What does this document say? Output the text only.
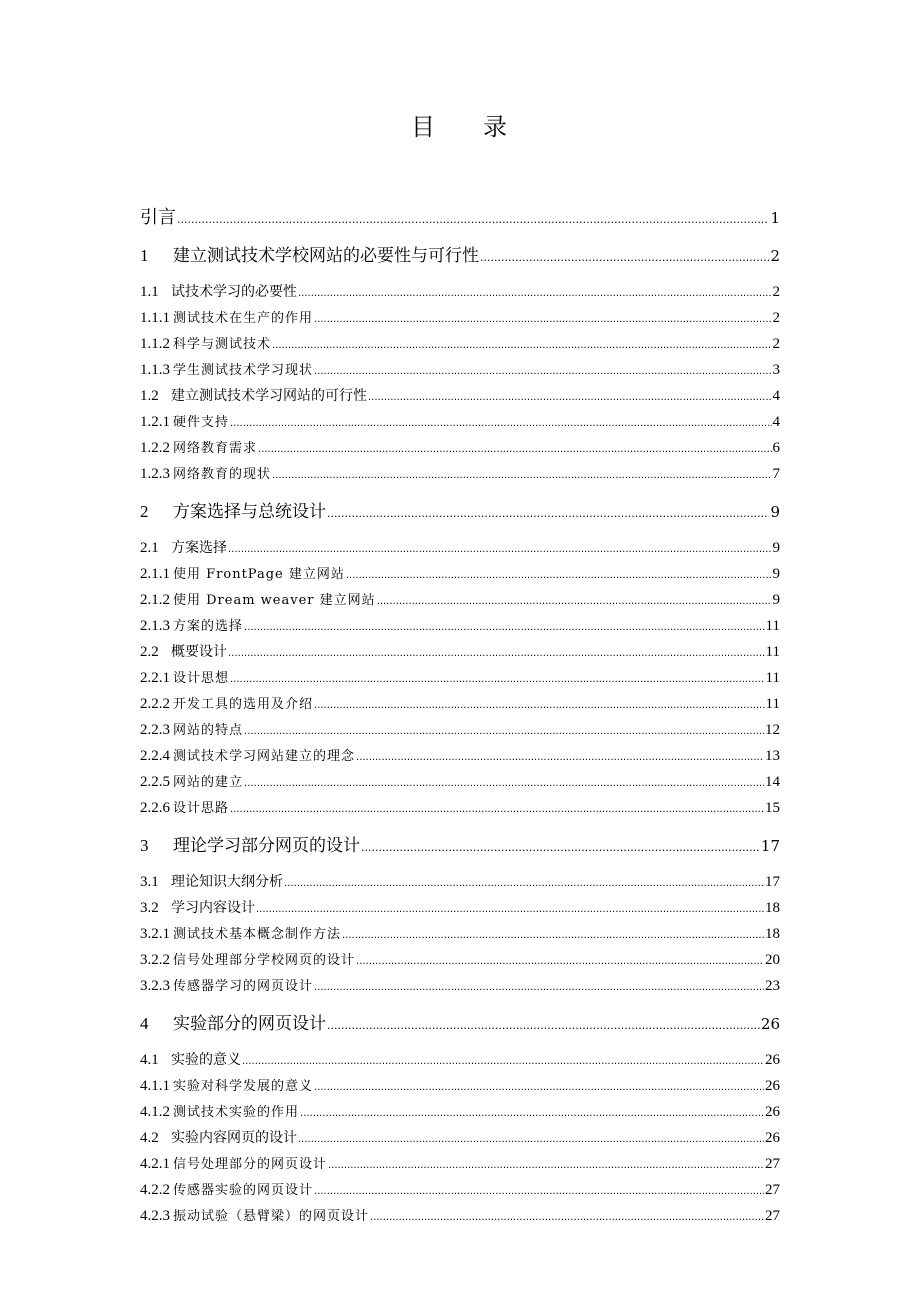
目 录
引言 .....	1
1	建立测试技术学校网站的必要性与可行性 .....	2
1.1 试技术学习的必要性 .....	2
1.1.1 测试技术在生产的作用 .....	2
1.1.2 科学与测试技术 .....	2
1.1.3 学生测试技术学习现状 .....	3
1.2 建立测试技术学习网站的可行性 .....	4
1.2.1 硬件支持 .....	4
1.2.2 网络教育需求 .....	6
1.2.3 网络教育的现状 .....	7
2	方案选择与总统设计 .....	9
2.1 方案选择 .....	9
2.1.1 使用 FrontPage 建立网站 .....	9
2.1.2 使用 Dream weaver 建立网站 .....	9
2.1.3 方案的选择 .....	11
2.2 概要设计 .....	11
2.2.1 设计思想 .....	11
2.2.2 开发工具的选用及介绍 .....	11
2.2.3 网站的特点 .....	12
2.2.4 测试技术学习网站建立的理念 .....	13
2.2.5 网站的建立 .....	14
2.2.6 设计思路 .....	15
3	理论学习部分网页的设计 .....	17
3.1 理论知识大纲分析 .....	17
3.2 学习内容设计 .....	18
3.2.1 测试技术基本概念制作方法 .....	18
3.2.2 信号处理部分学校网页的设计 .....	20
3.2.3 传感器学习的网页设计 .....	23
4	实验部分的网页设计 .....	26
4.1 实验的意义 .....	26
4.1.1 实验对科学发展的意义 .....	26
4.1.2 测试技术实验的作用 .....	26
4.2 实验内容网页的设计 .....	26
4.2.1 信号处理部分的网页设计 .....	27
4.2.2 传感器实验的网页设计 .....	27
4.2.3 振动试验（悬臂梁）的网页设计 .....	27
